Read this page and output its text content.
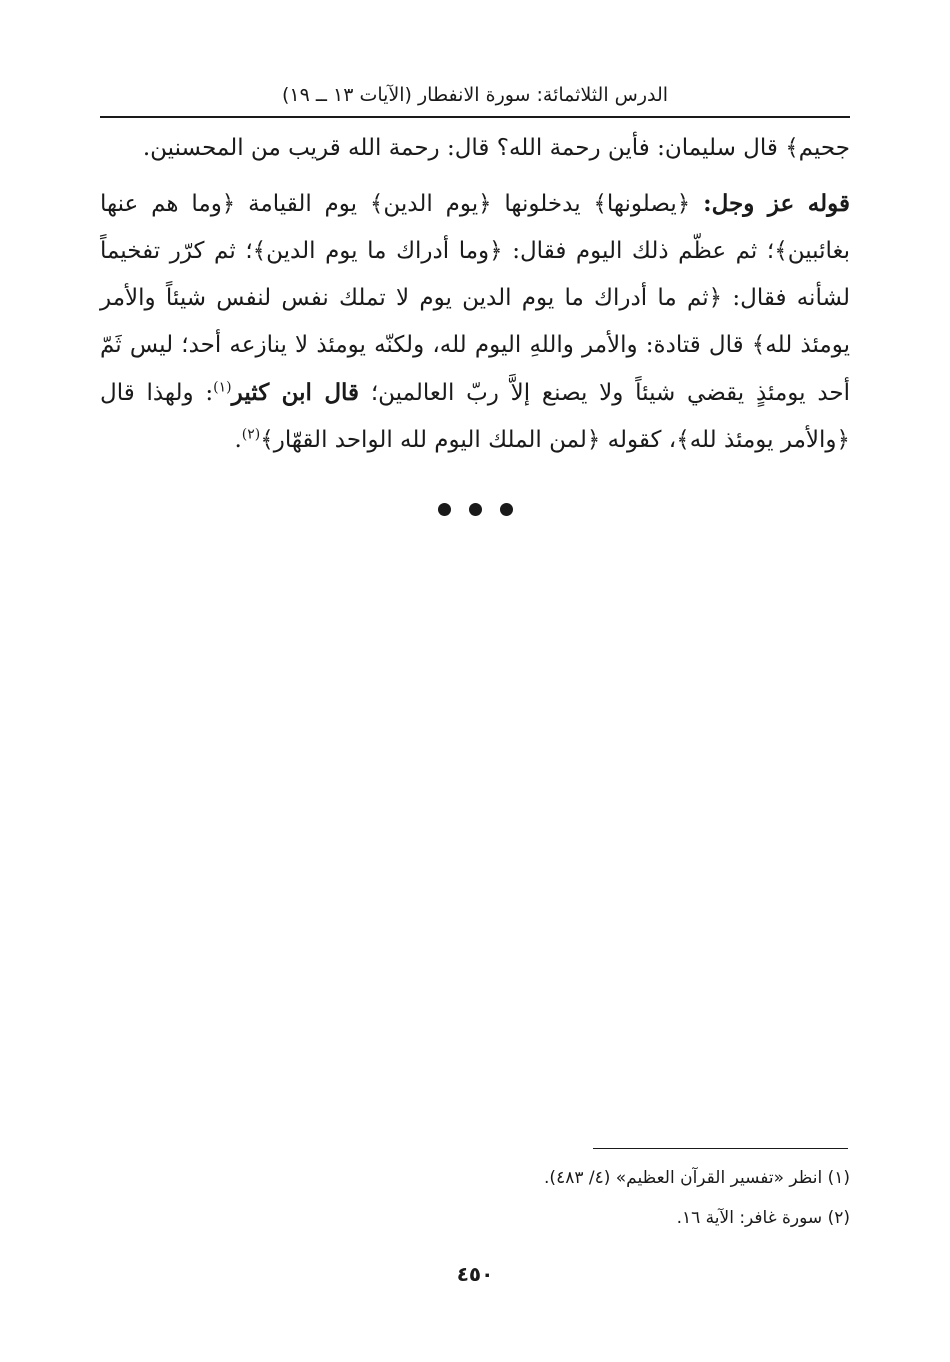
الدرس الثلاثمائة: سورة الانفطار (الآيات ١٣ ــ ١٩)

جحيم﴾ قال سليمان: فأين رحمة الله؟ قال: رحمة الله قريب من المحسنين.

قوله عز وجل: ﴿يصلونها﴾ يدخلونها ﴿يوم الدين﴾ يوم القيامة ﴿وما هم عنها بغائبين﴾؛ ثم عظّم ذلك اليوم فقال: ﴿وما أدراك ما يوم الدين﴾؛ ثم كرّر تفخيماً لشأنه فقال: ﴿ثم ما أدراك ما يوم الدين يوم لا تملك نفس لنفس شيئاً والأمر يومئذ لله﴾ قال قتادة: والأمر واللهِ اليوم لله، ولكنّه يومئذ لا ينازعه أحد؛ ليس ثَمّ أحد يومئذٍ يقضي شيئاً ولا يصنع إلاَّ ربّ العالمين؛ قال ابن كثير$^{(١)}$: ولهذا قال ﴿والأمر يومئذ لله﴾، كقوله ﴿لمن الملك اليوم لله الواحد القهّار﴾$^{(٢)}$.

(١) انظر «تفسير القرآن العظيم» (٤/ ٤٨٣).

(٢) سورة غافر: الآية ١٦.

٤٥٠
